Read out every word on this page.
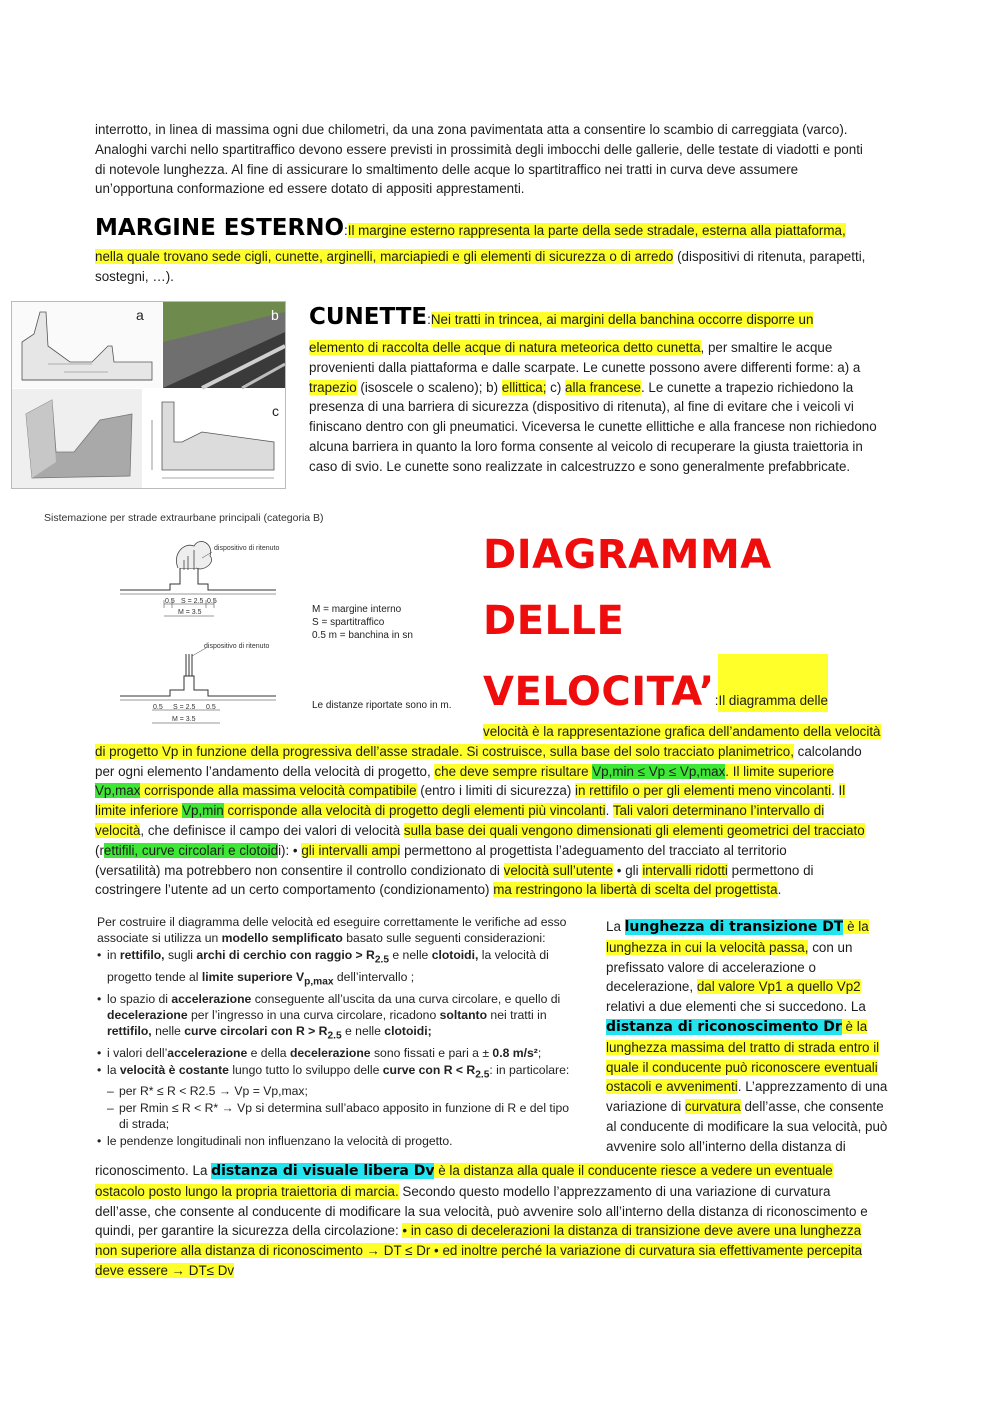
interrotto, in linea di massima ogni due chilometri, da una zona pavimentata atta a consentire lo scambio di carreggiata (varco).
Analoghi varchi nello spartitraffico devono essere previsti in prossimità degli imbocchi delle gallerie, delle testate di viadotti e ponti
di notevole lunghezza. Al fine di assicurare lo smaltimento delle acque lo spartitraffico nei tratti in curva deve assumere
un’opportuna conformazione ed essere dotato di appositi apprestamenti.
MARGINE ESTERNO:Il margine esterno rappresenta la parte della sede stradale, esterna alla piattaforma,
nella quale trovano sede cigli, cunette, arginelli, marciapiedi e gli elementi di sicurezza o di arredo (dispositivi di ritenuta, parapetti,
sostegni, …).
a	b
c
CUNETTE:Nei tratti in trincea, ai margini della banchina occorre disporre un
elemento di raccolta delle acque di natura meteorica detto cunetta, per smaltire le acque
provenienti dalla piattaforma e dalle scarpate. Le cunette possono avere differenti forme: a) a
trapezio (isoscele o scaleno); b) ellittica; c) alla francese. Le cunette a trapezio richiedono la
presenza di una barriera di sicurezza (dispositivo di ritenuta), al fine di evitare che i veicoli vi
finiscano dentro con gli pneumatici. Viceversa le cunette ellittiche e alla francese non richiedono
alcuna barriera in quanto la loro forma consente al veicolo di recuperare la giusta traiettoria in
caso di svio. Le cunette sono realizzate in calcestruzzo e sono generalmente prefabbricate.
Sistemazione per strade extraurbane principali (categoria B)
dispositivo di ritenuto
0.5 S = 2.5 0.5
M = 3.5
dispositivo di ritenuto
0.5 S = 2.5 0.5
M = 3.5
M = margine interno
S = spartitraffico
0.5 m = banchina in sn
Le distanze riportate sono in m.
DIAGRAMMA
DELLE
VELOCITA’:Il diagramma delle
velocità è la rappresentazione grafica dell’andamento della velocità
di progetto Vp in funzione della progressiva dell’asse stradale. Si costruisce, sulla base del solo tracciato planimetrico, calcolando
per ogni elemento l’andamento della velocità di progetto, che deve sempre risultare Vp,min ≤ Vp ≤ Vp,max. Il limite superiore
Vp,max corrisponde alla massima velocità compatibile (entro i limiti di sicurezza) in rettifilo o per gli elementi meno vincolanti. Il
limite inferiore Vp,min corrisponde alla velocità di progetto degli elementi più vincolanti. Tali valori determinano l’intervallo di
velocità, che definisce il campo dei valori di velocità sulla base dei quali vengono dimensionati gli elementi geometrici del tracciato
(rettifili, curve circolari e clotoidi): • gli intervalli ampi permettono al progettista l’adeguamento del tracciato al territorio
(versatilità) ma potrebbero non consentire il controllo condizionato di velocità sull’utente • gli intervalli ridotti permettono di
costringere l’utente ad un certo comportamento (condizionamento) ma restringono la libertà di scelta del progettista.
Per costruire il diagramma delle velocità ed eseguire correttamente le verifiche ad esso
associate si utilizza un modello semplificato basato sulle seguenti considerazioni:
• in rettifilo, sugli archi di cerchio con raggio > $R_{2.5}$ e nelle clotoidi, la velocità di progetto tende al limite superiore $V_{p,max}$ dell’intervallo ;
• lo spazio di accelerazione conseguente all’uscita da una curva circolare, e quello di decelerazione per l’ingresso in una curva circolare, ricadono soltanto nei tratti in rettifilo, nelle curve circolari con $R > R_{2.5}$ e nelle clotoidi;
• i valori dell’accelerazione e della decelerazione sono fissati e pari a ± 0.8 m/s²;
• la velocità è costante lungo tutto lo sviluppo delle curve con $R < R_{2.5}$: in particolare:
– per R* ≤ R < R2.5 → Vp = Vp,max;
– per Rmin ≤ R < R* → Vp si determina sull’abaco apposito in funzione di R e del tipo di strada;
• le pendenze longitudinali non influenzano la velocità di progetto.
La lunghezza di transizione DT è la
lunghezza in cui la velocità passa, con un
prefissato valore di accelerazione o
decelerazione, dal valore Vp1 a quello Vp2
relativi a due elementi che si succedono. La
distanza di riconoscimento Dr è la
lunghezza massima del tratto di strada entro il
quale il conducente può riconoscere eventuali
ostacoli e avvenimenti. L’apprezzamento di una
variazione di curvatura dell’asse, che consente
al conducente di modificare la sua velocità, può
avvenire solo all’interno della distanza di
riconoscimento. La distanza di visuale libera Dv è la distanza alla quale il conducente riesce a vedere un eventuale
ostacolo posto lungo la propria traiettoria di marcia. Secondo questo modello l’apprezzamento di una variazione di curvatura
dell’asse, che consente al conducente di modificare la sua velocità, può avvenire solo all’interno della distanza di riconoscimento e
quindi, per garantire la sicurezza della circolazione: • in caso di decelerazioni la distanza di transizione deve avere una lunghezza
non superiore alla distanza di riconoscimento → DT ≤ Dr • ed inoltre perché la variazione di curvatura sia effettivamente percepita
deve essere → DT≤ Dv
